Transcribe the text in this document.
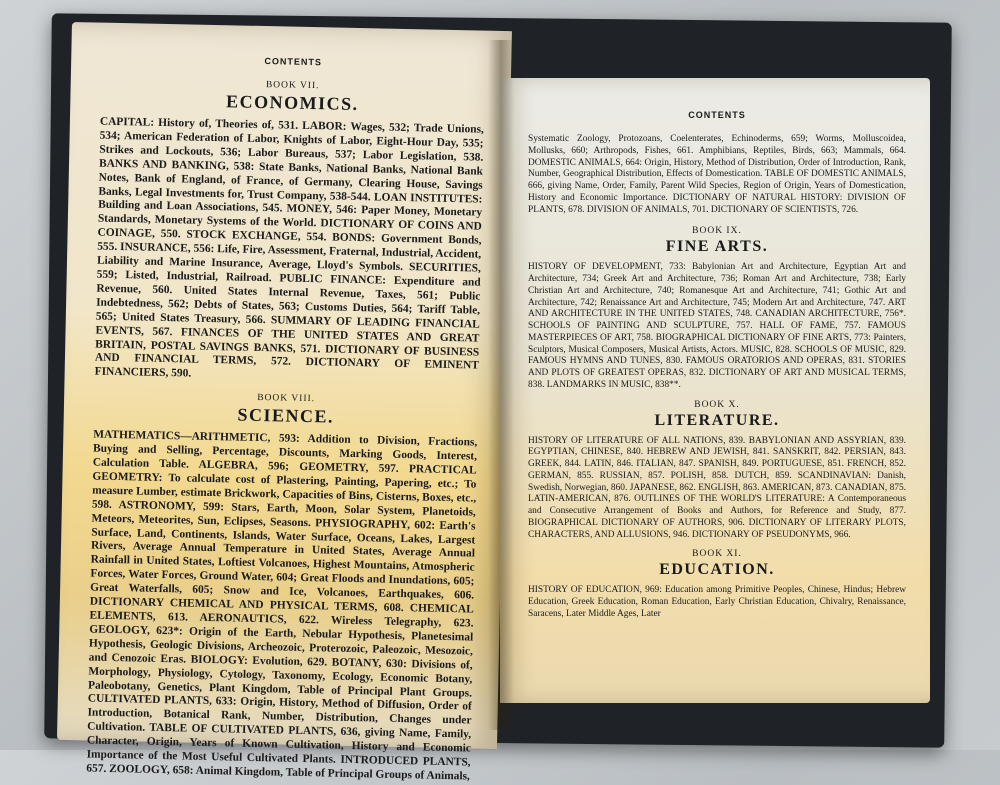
CONTENTS
BOOK VII.
ECONOMICS.
CAPITAL: History of, Theories of, 531. LABOR: Wages, 532; Trade Unions, 534; American Federation of Labor, Knights of Labor, Eight-Hour Day, 535; Strikes and Lockouts, 536; Labor Bureaus, 537; Labor Legislation, 538. BANKS AND BANKING, 538: State Banks, National Banks, National Bank Notes, Bank of England, of France, of Germany, Clearing House, Savings Banks, Legal Investments for, Trust Company, 538-544. LOAN INSTITUTES: Building and Loan Associations, 545. MONEY, 546: Paper Money, Monetary Standards, Monetary Systems of the World. DICTIONARY OF COINS AND COINAGE, 550. STOCK EXCHANGE, 554. BONDS: Government Bonds, 555. INSURANCE, 556: Life, Fire, Assessment, Fraternal, Industrial, Accident, Liability and Marine Insurance, Average, Lloyd's Symbols. SECURITIES, 559; Listed, Industrial, Railroad. PUBLIC FINANCE: Expenditure and Revenue, 560. United States Internal Revenue, Taxes, 561; Public Indebtedness, 562; Debts of States, 563; Customs Duties, 564; Tariff Table, 565; United States Treasury, 566. SUMMARY OF LEADING FINANCIAL EVENTS, 567. FINANCES OF THE UNITED STATES AND GREAT BRITAIN, POSTAL SAVINGS BANKS, 571. DICTIONARY OF BUSINESS AND FINANCIAL TERMS, 572. DICTIONARY OF EMINENT FINANCIERS, 590.
BOOK VIII.
SCIENCE.
MATHEMATICS—ARITHMETIC, 593: Addition to Division, Fractions, Buying and Selling, Percentage, Discounts, Marking Goods, Interest, Calculation Table. ALGEBRA, 596; GEOMETRY, 597. PRACTICAL GEOMETRY: To calculate cost of Plastering, Painting, Papering, etc.; To measure Lumber, estimate Brickwork, Capacities of Bins, Cisterns, Boxes, etc., 598. ASTRONOMY, 599: Stars, Earth, Moon, Solar System, Planetoids, Meteors, Meteorites, Sun, Eclipses, Seasons. PHYSIOGRAPHY, 602: Earth's Surface, Land, Continents, Islands, Water Surface, Oceans, Lakes, Largest Rivers, Average Annual Temperature in United States, Average Annual Rainfall in United States, Loftiest Volcanoes, Highest Mountains, Atmospheric Forces, Water Forces, Ground Water, 604; Great Floods and Inundations, 605; Great Waterfalls, 605; Snow and Ice, Volcanoes, Earthquakes, 606. DICTIONARY CHEMICAL AND PHYSICAL TERMS, 608. CHEMICAL ELEMENTS, 613. AERONAUTICS, 622. Wireless Telegraphy, 623. GEOLOGY, 623*: Origin of the Earth, Nebular Hypothesis, Planetesimal Hypothesis, Geologic Divisions, Archeozoic, Proterozoic, Paleozoic, Mesozoic, and Cenozoic Eras. BIOLOGY: Evolution, 629. BOTANY, 630: Divisions of, Morphology, Physiology, Cytology, Taxonomy, Ecology, Economic Botany, Paleobotany, Genetics, Plant Kingdom, Table of Principal Plant Groups. CULTIVATED PLANTS, 633: Origin, History, Method of Diffusion, Order of Introduction, Botanical Rank, Number, Distribution, Changes under Cultivation. TABLE OF CULTIVATED PLANTS, 636, giving Name, Family, Character, Origin, Years of Known Cultivation, History and Economic Importance of the Most Useful Cultivated Plants. INTRODUCED PLANTS, 657. ZOOLOGY, 658: Animal Kingdom, Table of Principal Groups of Animals,
CONTENTS
Systematic Zoology, Protozoans, Coelenterates, Echinoderms, 659; Worms, Molluscoidea, Mollusks, 660; Arthropods, Fishes, 661. Amphibians, Reptiles, Birds, 663; Mammals, 664. DOMESTIC ANIMALS, 664: Origin, History, Method of Distribution, Order of Introduction, Rank, Number, Geographical Distribution, Effects of Domestication. TABLE OF DOMESTIC ANIMALS, 666, giving Name, Order, Family, Parent Wild Species, Region of Origin, Years of Domestication, History and Economic Importance. DICTIONARY OF NATURAL HISTORY: DIVISION OF PLANTS, 678. DIVISION OF ANIMALS, 701. DICTIONARY OF SCIENTISTS, 726.
BOOK IX.
FINE ARTS.
HISTORY OF DEVELOPMENT, 733: Babylonian Art and Architecture, Egyptian Art and Architecture, 734; Greek Art and Architecture, 736; Roman Art and Architecture, 738; Early Christian Art and Architecture, 740; Romanesque Art and Architecture, 741; Gothic Art and Architecture, 742; Renaissance Art and Architecture, 745; Modern Art and Architecture, 747. ART AND ARCHITECTURE IN THE UNITED STATES, 748. CANADIAN ARCHITECTURE, 756*. SCHOOLS OF PAINTING AND SCULPTURE, 757. HALL OF FAME, 757. FAMOUS MASTERPIECES OF ART, 758. BIOGRAPHICAL DICTIONARY OF FINE ARTS, 773: Painters, Sculptors, Musical Composers, Musical Artists, Actors. MUSIC, 828. SCHOOLS OF MUSIC, 829. FAMOUS HYMNS AND TUNES, 830. FAMOUS ORATORIOS AND OPERAS, 831. STORIES AND PLOTS OF GREATEST OPERAS, 832. DICTIONARY OF ART AND MUSICAL TERMS, 838. LANDMARKS IN MUSIC, 838**.
BOOK X.
LITERATURE.
HISTORY OF LITERATURE OF ALL NATIONS, 839. BABYLONIAN AND ASSYRIAN, 839. EGYPTIAN, CHINESE, 840. HEBREW AND JEWISH, 841. SANSKRIT, 842. PERSIAN, 843. GREEK, 844. LATIN, 846. ITALIAN, 847. SPANISH, 849. PORTUGUESE, 851. FRENCH, 852. GERMAN, 855. RUSSIAN, 857. POLISH, 858. DUTCH, 859. SCANDINAVIAN: Danish, Swedish, Norwegian, 860. JAPANESE, 862. ENGLISH, 863. AMERICAN, 873. CANADIAN, 875. LATIN-AMERICAN, 876. OUTLINES OF THE WORLD'S LITERATURE: A Contemporaneous and Consecutive Arrangement of Books and Authors, for Reference and Study, 877. BIOGRAPHICAL DICTIONARY OF AUTHORS, 906. DICTIONARY OF LITERARY PLOTS, CHARACTERS, AND ALLUSIONS, 946. DICTIONARY OF PSEUDONYMS, 966.
BOOK XI.
EDUCATION.
HISTORY OF EDUCATION, 969: Education among Primitive Peoples, Chinese, Hindus; Hebrew Education, Greek Education, Roman Education, Early Christian Education, Chivalry, Renaissance, Saracens, Later Middle Ages, Later
